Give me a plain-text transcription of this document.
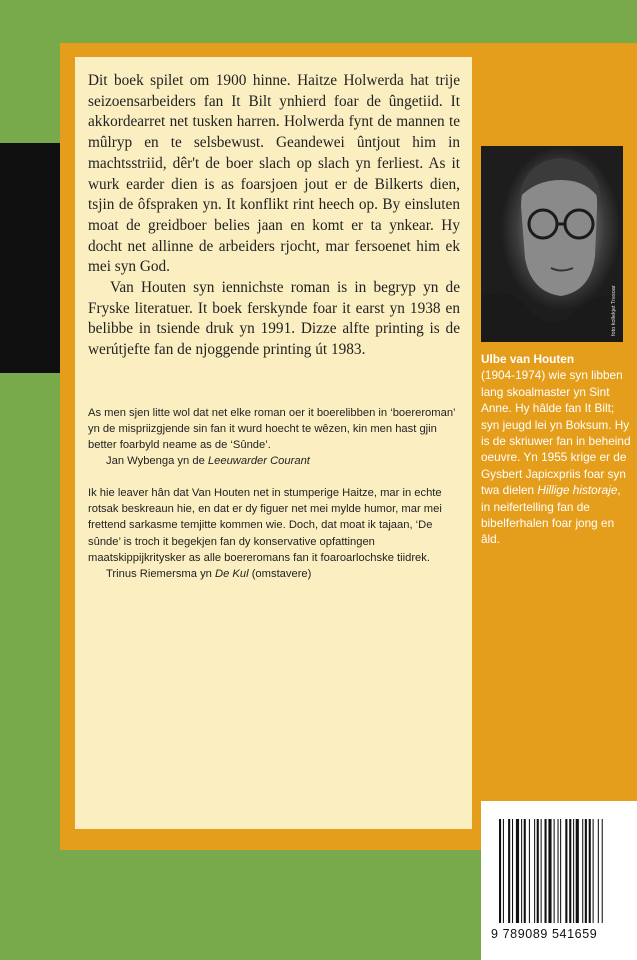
Dit boek spilet om 1900 hinne. Haitze Holwerda hat trije seizoensarbeiders fan It Bilt ynhierd foar de ûngetiid. It akkordearret net tusken harren. Holwerda fynt de mannen te mûlryp en te selsbewust. Geandewei ûntjout him in machtsstriid, dêr't de boer slach op slach yn ferliest. As it wurk earder dien is as foarsjoen jout er de Bilkerts dien, tsjin de ôfspraken yn. It konflikt rint heech op. By einsluten moat de greidboer belies jaan en komt er ta ynkear. Hy docht net allinne de arbeiders rjocht, mar fersoenet him ek mei syn God.

Van Houten syn iennichste roman is in begryp yn de Fryske literatuer. It boek ferskynde foar it earst yn 1938 en belibbe in tsiende druk yn 1991. Dizze alfte printing is de werútjefte fan de njoggende printing út 1983.

As men sjen litte wol dat net elke roman oer it boerelibben in ‘boereroman’ yn de mispriizgjende sin fan it wurd hoecht te wêzen, kin men hast gjin better foarbyld neame as de ‘Sûnde’.

Jan Wybenga yn de Leeuwarder Courant

Ik hie leaver hân dat Van Houten net in stumperige Haitze, mar in echte rotsak beskreaun hie, en dat er dy figuer net mei mylde humor, mar mei frettend sarkasme temjitte kommen wie. Doch, dat moat ik tajaan, ‘De sûnde’ is troch it begekjen fan dy konservative opfattingen maatskippijkritysker as alle boereromans fan it foaroarlochske tiidrek.

Trinus Riemersma yn De Kul (omstavere)

foto kollekjet Tresoar
Ulbe van Houten
(1904-1974) wie syn libben lang skoalmaster yn Sint Anne. Hy hâlde fan It Bilt; syn jeugd lei yn Boksum. Hy is de skriuwer fan in beheind oeuvre. Yn 1955 krige er de Gysbert Japicxpriis foar syn twa dielen Hillige historaje, in neifertelling fan de bibelferhalen foar jong en âld.
9 789089 541659
